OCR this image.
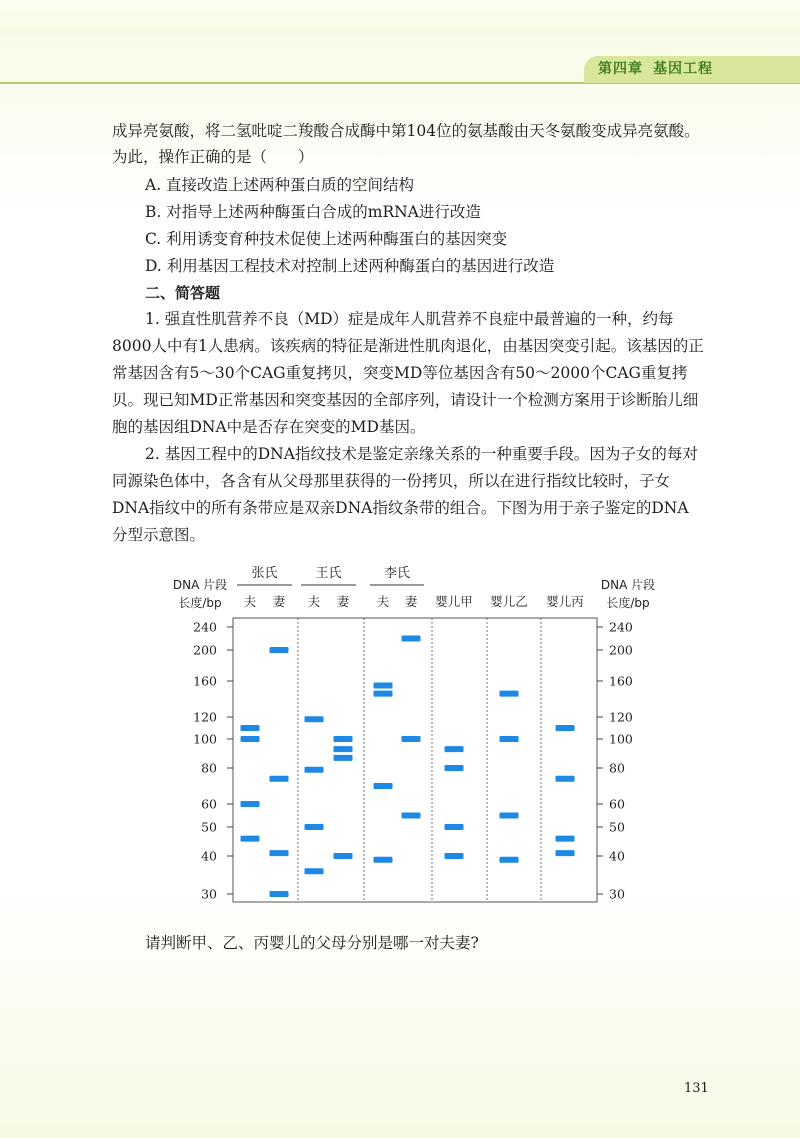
第四章 基因工程

成异亮氨酸，将二氢吡啶二羧酸合成酶中第104位的氨基酸由天冬氨酸变成异亮氨酸。

为此，操作正确的是（　　）

A. 直接改造上述两种蛋白质的空间结构

B. 对指导上述两种酶蛋白合成的mRNA进行改造

C. 利用诱变育种技术促使上述两种酶蛋白的基因突变

D. 利用基因工程技术对控制上述两种酶蛋白的基因进行改造

二、简答题

1. 强直性肌营养不良（MD）症是成年人肌营养不良症中最普遍的一种，约每

8000人中有1人患病。该疾病的特征是渐进性肌肉退化，由基因突变引起。该基因的正

常基因含有5～30个CAG重复拷贝，突变MD等位基因含有50～2000个CAG重复拷

贝。现已知MD正常基因和突变基因的全部序列，请设计一个检测方案用于诊断胎儿细

胞的基因组DNA中是否存在突变的MD基因。

2. 基因工程中的DNA指纹技术是鉴定亲缘关系的一种重要手段。因为子女的每对

同源染色体中，各含有从父母那里获得的一份拷贝，所以在进行指纹比较时，子女

DNA指纹中的所有条带应是双亲DNA指纹条带的组合。下图为用于亲子鉴定的DNA

分型示意图。

DNA 片段
长度/bp
DNA 片段
长度/bp
240	240
200	200
160	160
120	120
100	100
80	80
60	60
50	50
40	40
30	30
张氏	王氏	李氏
夫 妻 夫 妻 夫 妻 婴儿甲 婴儿乙 婴儿丙

请判断甲、乙、丙婴儿的父母分别是哪一对夫妻?

131
